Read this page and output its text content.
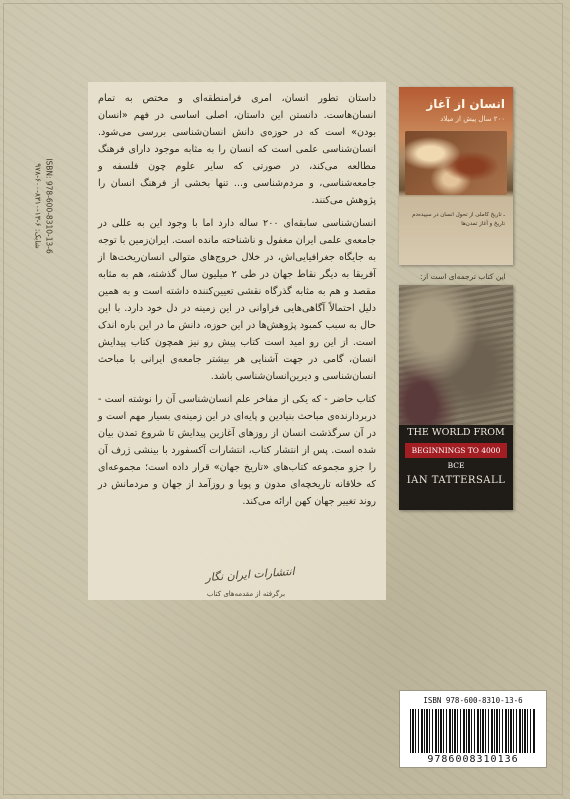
شابک: ۶-۱۳-۸۳۱۰-۶۰۰-۹۷۸ ISBN: 978-600-8310-13-6

داستان تطور انسان، امری فرامنطقه‌ای و مختص به تمام انسان‌هاست. دانستن این داستان، اصلی اساسی در فهم «انسان بودن» است که در حوزه‌ی دانش انسان‌شناسی بررسی می‌شود. انسان‌شناسی علمی است که انسان را به مثابه موجود دارای فرهنگ مطالعه می‌کند، در صورتی که سایر علوم چون فلسفه و جامعه‌شناسی، و مردم‌شناسی و... تنها بخشی از فرهنگ انسان را پژوهش می‌کنند.

انسان‌شناسی سابقه‌ای ۲۰۰ ساله دارد اما با وجود این به عللی در جامعه‌ی علمی ایران مغفول و ناشناخته مانده است. ایران‌زمین با توجه به جایگاه جغرافیایی‌اش، در خلال خروج‌های متوالی انسان‌ریخت‌ها از آفریقا به دیگر نقاط جهان در طی ۲ میلیون سال گذشته، هم به مثابه مقصد و هم به مثابه گذرگاه نقشی تعیین‌کننده داشته است و به همین دلیل احتمالاً آگاهی‌هایی فراوانی در این زمینه در دل خود دارد. با این حال به سبب کمبود پژوهش‌ها در این حوزه، دانش ما در این باره اندک است. از این رو امید است کتاب پیش رو نیز همچون کتاب پیدایش انسان، گامی در جهت آشنایی هر بیشتر جامعه‌ی ایرانی با مباحث انسان‌شناسی و دیرین‌انسان‌شناسی باشد.

کتاب حاضر - که یکی از مفاخر علم انسان‌شناسی آن را نوشته است - دربردارنده‌ی مباحث بنیادین و پایه‌ای در این زمینه‌ی بسیار مهم است و در آن سرگذشت انسان از روزهای آغازین پیدایش تا شروع تمدن بیان شده است. پس از انتشار کتاب، انتشارات آکسفورد با بینشی ژرف آن را جزو مجموعه کتاب‌های «تاریخ جهان» قرار داده است؛ مجموعه‌ای که خلاقانه تاریخچه‌ای مدون و پویا و روزآمد از جهان و مردمانش در روند تغییر جهان کهن ارائه می‌کند.

انتشارات ایران نگار
برگرفته از مقدمه‌های کتاب
انسان از آغاز
۲۰۰ سال پیش از میلاد
ـ تاریخ کاملی از تحول انسان در سپیده‌دم تاریخ و آغاز تمدن‌ها
این کتاب ترجمه‌ای است از:
THE WORLD FROM
BEGINNINGS TO 4000 BCE
IAN TATTERSALL
ISBN 978-600-8310-13-6
9786008310136
